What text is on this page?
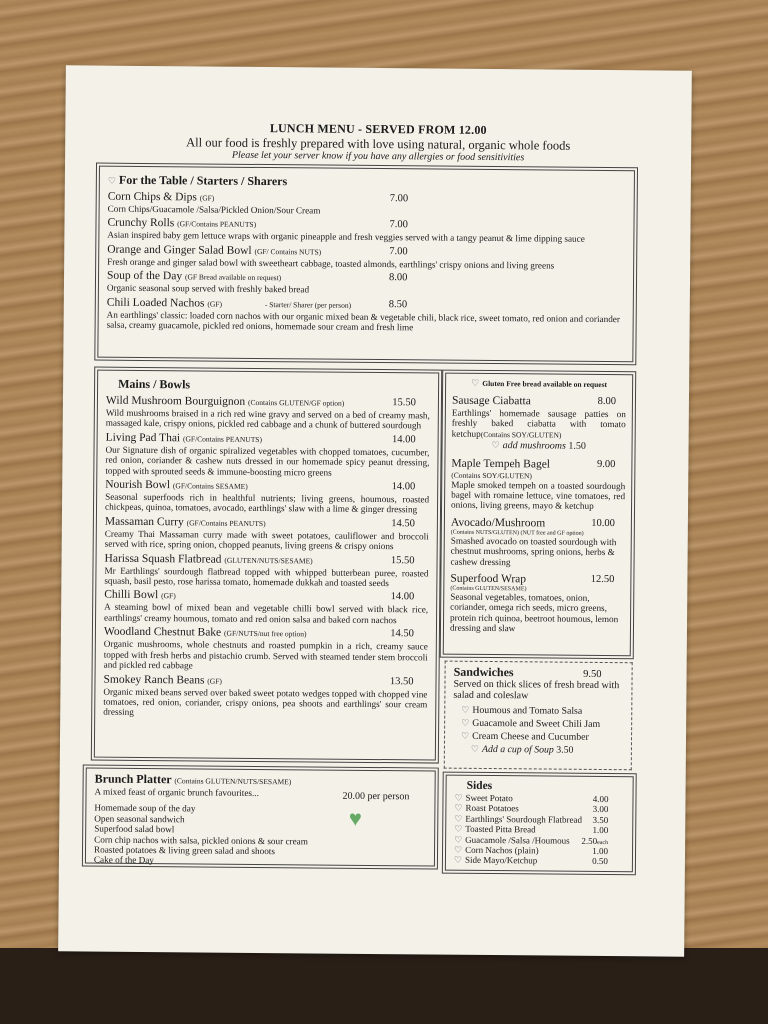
LUNCH MENU - SERVED FROM 12.00
All our food is freshly prepared with love using natural, organic whole foods
Please let your server know if you have any allergies or food sensitivities
♡ For the Table / Starters / Sharers
Corn Chips & Dips (GF)	7.00
Corn Chips/Guacamole /Salsa/Pickled Onion/Sour Cream
Crunchy Rolls (GF/Contains PEANUTS)	7.00
Asian inspired baby gem lettuce wraps with organic pineapple and fresh veggies served with a tangy peanut & lime dipping sauce
Orange and Ginger Salad Bowl (GF/ Contains NUTS)	7.00
Fresh orange and ginger salad bowl with sweetheart cabbage, toasted almonds, earthlings' crispy onions and living greens
Soup of the Day (GF Bread available on request)	8.00
Organic seasonal soup served with freshly baked bread
Chili Loaded Nachos (GF)	- Starter/ Sharer (per person)	8.50
An earthlings' classic: loaded corn nachos with our organic mixed bean & vegetable chili, black rice, sweet tomato, red onion and coriander salsa, creamy guacamole, pickled red onions, homemade sour cream and fresh lime
Mains / Bowls
Wild Mushroom Bourguignon (Contains GLUTEN/GF option)	15.50
Wild mushrooms braised in a rich red wine gravy and served on a bed of creamy mash, massaged kale, crispy onions, pickled red cabbage and a chunk of buttered sourdough
Living Pad Thai (GF/Contains PEANUTS)	14.00
Our Signature dish of organic spiralized vegetables with chopped tomatoes, cucumber, red onion, coriander & cashew nuts dressed in our homemade spicy peanut dressing, topped with sprouted seeds & immune-boosting micro greens
Nourish Bowl (GF/Contains SESAME)	14.00
Seasonal superfoods rich in healthful nutrients; living greens, houmous, roasted chickpeas, quinoa, tomatoes, avocado, earthlings' slaw with a lime & ginger dressing
Massaman Curry (GF/Contains PEANUTS)	14.50
Creamy Thai Massaman curry made with sweet potatoes, cauliflower and broccoli served with rice, spring onion, chopped peanuts, living greens & crispy onions
Harissa Squash Flatbread (GLUTEN/NUTS/SESAME)	15.50
Mr Earthlings' sourdough flatbread topped with whipped butterbean puree, roasted squash, basil pesto, rose harissa tomato, homemade dukkah and toasted seeds
Chilli Bowl (GF)	14.00
A steaming bowl of mixed bean and vegetable chilli bowl served with black rice, earthlings' creamy houmous, tomato and red onion salsa and baked corn nachos
Woodland Chestnut Bake (GF/NUTS/nut free option)	14.50
Organic mushrooms, whole chestnuts and roasted pumpkin in a rich, creamy sauce topped with fresh herbs and pistachio crumb. Served with steamed tender stem broccoli and pickled red cabbage
Smokey Ranch Beans (GF)	13.50
Organic mixed beans served over baked sweet potato wedges topped with chopped vine tomatoes, red onion, coriander, crispy onions, pea shoots and earthlings' sour cream dressing
♡ Gluten Free bread available on request
Sausage Ciabatta	8.00
Earthlings' homemade sausage patties on freshly baked ciabatta with tomato ketchup(Contains SOY/GLUTEN)
♡ add mushrooms 1.50
Maple Tempeh Bagel	9.00
(Contains SOY/GLUTEN)
Maple smoked tempeh on a toasted sourdough bagel with romaine lettuce, vine tomatoes, red onions, living greens, mayo & ketchup
Avocado/Mushroom	10.00
(Contains NUTS/GLUTEN) (NUT free and GF option)
Smashed avocado on toasted sourdough with chestnut mushrooms, spring onions, herbs & cashew dressing
Superfood Wrap	12.50
(Contains GLUTEN/SESAME)
Seasonal vegetables, tomatoes, onion, coriander, omega rich seeds, micro greens, protein rich quinoa, beetroot houmous, lemon dressing and slaw
Sandwiches	9.50
Served on thick slices of fresh bread with salad and coleslaw
♡ Houmous and Tomato Salsa
♡ Guacamole and Sweet Chili Jam
♡ Cream Cheese and Cucumber
♡ Add a cup of Soup 3.50
Brunch Platter (Contains GLUTEN/NUTS/SESAME)
A mixed feast of organic brunch favourites...	20.00 per person
♥
Homemade soup of the day
Open seasonal sandwich
Superfood salad bowl
Corn chip nachos with salsa, pickled onions & sour cream
Roasted potatoes & living green salad and shoots
Cake of the Day
Sides
♡ Sweet Potato	4.00
♡ Roast Potatoes	3.00
♡ Earthlings' Sourdough Flatbread 3.50
♡ Toasted Pitta Bread	1.00
♡ Guacamole /Salsa /Houmous 2.50each
♡ Corn Nachos (plain)	1.00
♡ Side Mayo/Ketchup	0.50
